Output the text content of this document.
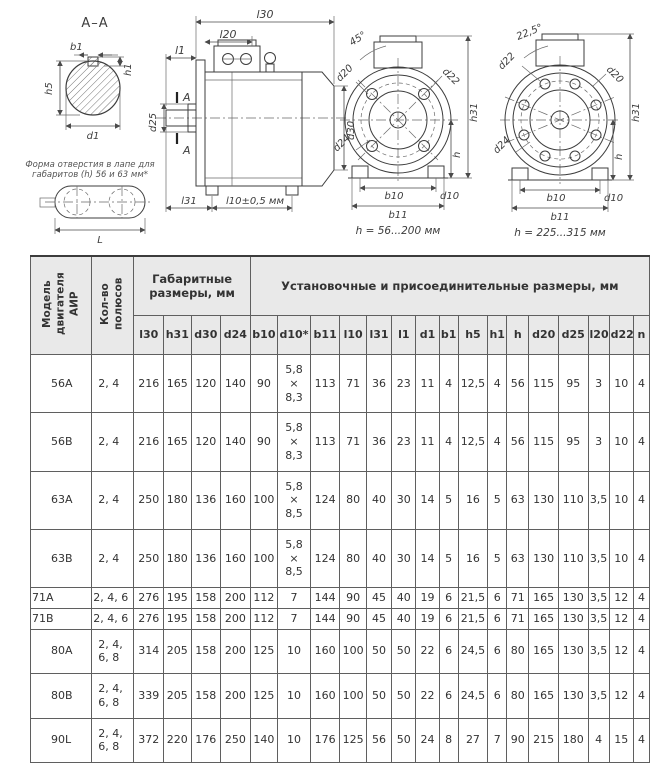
А–А
b1
h1
h5
d1
Форма отверстия в лапе для
габаритов (h) 56 и 63 мм*
L
А
А
l30
l20
l1
d25	d30
l31	l10±0,5 мм
45°
d20	d22
d24
h31
h
b10	d10
b11
h = 56...200 мм
22,5°
d22
d20
d24
h31
h
b10	d10
b11
h = 225...315 мм
Модель двигателя АИР	Кол-во полюсов	Габаритные размеры, мм				Установочные и присоединительные размеры, мм															
		l30	h31	d30	d24	b10	d10*	b11	l10	l31	l1	d1	b1	h5	h1	h	d20	d25	l20	d22	n
56A	2, 4	216	165	120	140	90	5,8 × 8,3	113	71	36	23	11	4	12,5	4	56	115	95	3	10	4
56B	2, 4	216	165	120	140	90	5,8 × 8,3	113	71	36	23	11	4	12,5	4	56	115	95	3	10	4
63A	2, 4	250	180	136	160	100	5,8 × 8,5	124	80	40	30	14	5	16	5	63	130	110	3,5	10	4
63B	2, 4	250	180	136	160	100	5,8 × 8,5	124	80	40	30	14	5	16	5	63	130	110	3,5	10	4
71A	2, 4, 6	276	195	158	200	112	7	144	90	45	40	19	6	21,5	6	71	165	130	3,5	12	4
71B	2, 4, 6	276	195	158	200	112	7	144	90	45	40	19	6	21,5	6	71	165	130	3,5	12	4
80A	2, 4, 6, 8	314	205	158	200	125	10	160	100	50	50	22	6	24,5	6	80	165	130	3,5	12	4
80B	2, 4, 6, 8	339	205	158	200	125	10	160	100	50	50	22	6	24,5	6	80	165	130	3,5	12	4
90L	2, 4, 6, 8	372	220	176	250	140	10	176	125	56	50	24	8	27	7	90	215	180	4	15	4
